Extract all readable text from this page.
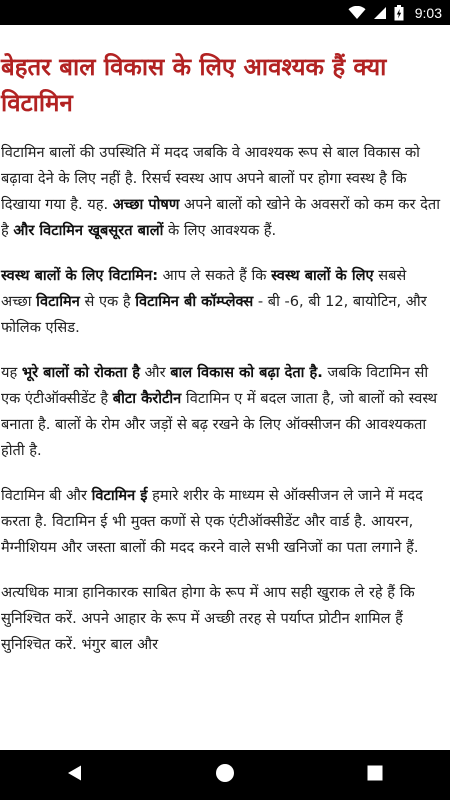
9:03
बेहतर बाल विकास के लिए आवश्यक हैं क्या विटामिन

विटामिन बालों की उपस्थिति में मदद जबकि वे आवश्यक रूप से बाल विकास को बढ़ावा देने के लिए नहीं है. रिसर्च स्वस्थ आप अपने बालों पर होगा स्वस्थ है कि दिखाया गया है. यह. अच्छा पोषण अपने बालों को खोने के अवसरों को कम कर देता है और विटामिन खूबसूरत बालों के लिए आवश्यक हैं.

स्वस्थ बालों के लिए विटामिन: आप ले सकते हैं कि स्वस्थ बालों के लिए सबसे अच्छा विटामिन से एक है विटामिन बी कॉम्प्लेक्स - बी -6, बी 12, बायोटिन, और फोलिक एसिड.

यह भूरे बालों को रोकता है और बाल विकास को बढ़ा देता है. जबकि विटामिन सी एक एंटीऑक्सीडेंट है बीटा कैरोटीन विटामिन ए में बदल जाता है, जो बालों को स्वस्थ बनाता है. बालों के रोम और जड़ों से बढ़ रखने के लिए ऑक्सीजन की आवश्यकता होती है.

विटामिन बी और विटामिन ई हमारे शरीर के माध्यम से ऑक्सीजन ले जाने में मदद करता है. विटामिन ई भी मुक्त कणों से एक एंटीऑक्सीडेंट और वार्ड है. आयरन, मैग्नीशियम और जस्ता बालों की मदद करने वाले सभी खनिजों का पता लगाने हैं.

अत्यधिक मात्रा हानिकारक साबित होगा के रूप में आप सही खुराक ले रहे हैं कि सुनिश्चित करें. अपने आहार के रूप में अच्छी तरह से पर्याप्त प्रोटीन शामिल हैं सुनिश्चित करें. भंगुर बाल और
